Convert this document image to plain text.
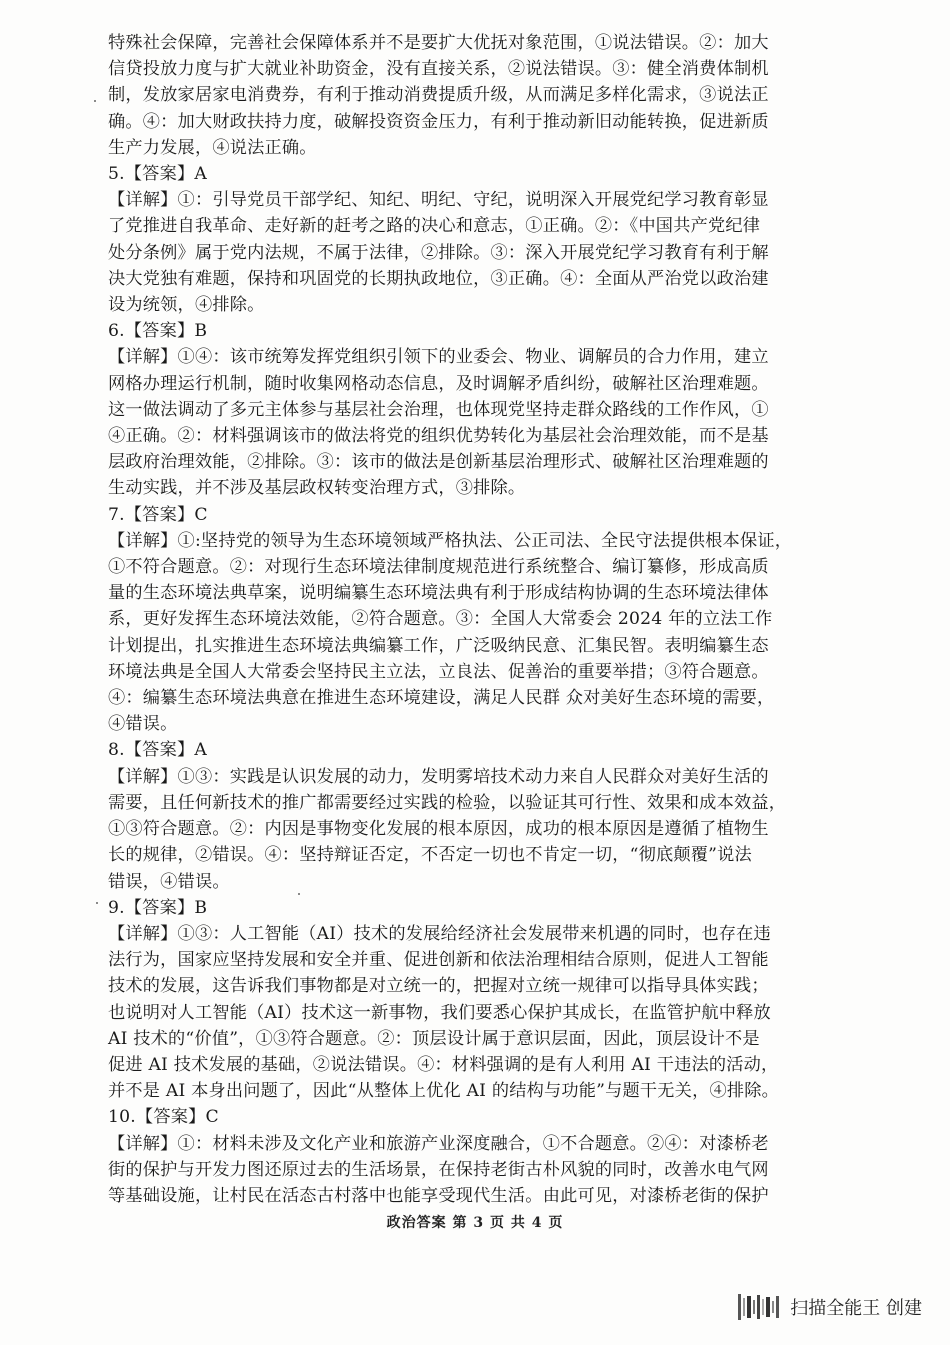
特殊社会保障，完善社会保障体系并不是要扩大优抚对象范围，①说法错误。②：加大
信贷投放力度与扩大就业补助资金，没有直接关系，②说法错误。③：健全消费体制机
制，发放家居家电消费券，有利于推动消费提质升级，从而满足多样化需求，③说法正
确。④：加大财政扶持力度，破解投资资金压力，有利于推动新旧动能转换，促进新质
生产力发展，④说法正确。
5.【答案】A
【详解】①：引导党员干部学纪、知纪、明纪、守纪，说明深入开展党纪学习教育彰显
了党推进自我革命、走好新的赶考之路的决心和意志，①正确。②：《中国共产党纪律
处分条例》属于党内法规，不属于法律，②排除。③：深入开展党纪学习教育有利于解
决大党独有难题，保持和巩固党的长期执政地位，③正确。④：全面从严治党以政治建
设为统领，④排除。
6.【答案】B
【详解】①④：该市统筹发挥党组织引领下的业委会、物业、调解员的合力作用，建立
网格办理运行机制，随时收集网格动态信息，及时调解矛盾纠纷，破解社区治理难题。
这一做法调动了多元主体参与基层社会治理，也体现党坚持走群众路线的工作作风，①
④正确。②：材料强调该市的做法将党的组织优势转化为基层社会治理效能，而不是基
层政府治理效能，②排除。③：该市的做法是创新基层治理形式、破解社区治理难题的
生动实践，并不涉及基层政权转变治理方式，③排除。
7.【答案】C
【详解】①:坚持党的领导为生态环境领域严格执法、公正司法、全民守法提供根本保证，
①不符合题意。②：对现行生态环境法律制度规范进行系统整合、编订纂修，形成高质
量的生态环境法典草案，说明编纂生态环境法典有利于形成结构协调的生态环境法律体
系，更好发挥生态环境法效能，②符合题意。③：全国人大常委会 2024 年的立法工作
计划提出，扎实推进生态环境法典编纂工作，广泛吸纳民意、汇集民智。表明编纂生态
环境法典是全国人大常委会坚持民主立法，立良法、促善治的重要举措；③符合题意。
④：编纂生态环境法典意在推进生态环境建设，满足人民群 众对美好生态环境的需要，
④错误。
8.【答案】A
【详解】①③：实践是认识发展的动力，发明雾培技术动力来自人民群众对美好生活的
需要，且任何新技术的推广都需要经过实践的检验，以验证其可行性、效果和成本效益，
①③符合题意。②：内因是事物变化发展的根本原因，成功的根本原因是遵循了植物生
长的规律，②错误。④：坚持辩证否定，不否定一切也不肯定一切，“彻底颠覆”说法
错误，④错误。
9.【答案】B
【详解】①③：人工智能（AI）技术的发展给经济社会发展带来机遇的同时，也存在违
法行为，国家应坚持发展和安全并重、促进创新和依法治理相结合原则，促进人工智能
技术的发展，这告诉我们事物都是对立统一的，把握对立统一规律可以指导具体实践；
也说明对人工智能（AI）技术这一新事物，我们要悉心保护其成长，在监管护航中释放
AI 技术的“价值”，①③符合题意。②：顶层设计属于意识层面，因此，顶层设计不是
促进 AI 技术发展的基础，②说法错误。④：材料强调的是有人利用 AI 干违法的活动，
并不是 AI 本身出问题了，因此“从整体上优化 AI 的结构与功能”与题干无关，④排除。
10.【答案】C
【详解】①：材料未涉及文化产业和旅游产业深度融合，①不合题意。②④：对漆桥老
街的保护与开发力图还原过去的生活场景，在保持老街古朴风貌的同时，改善水电气网
等基础设施，让村民在活态古村落中也能享受现代生活。由此可见，对漆桥老街的保护
政治答案 第 3 页 共 4 页
扫描全能王 创建
